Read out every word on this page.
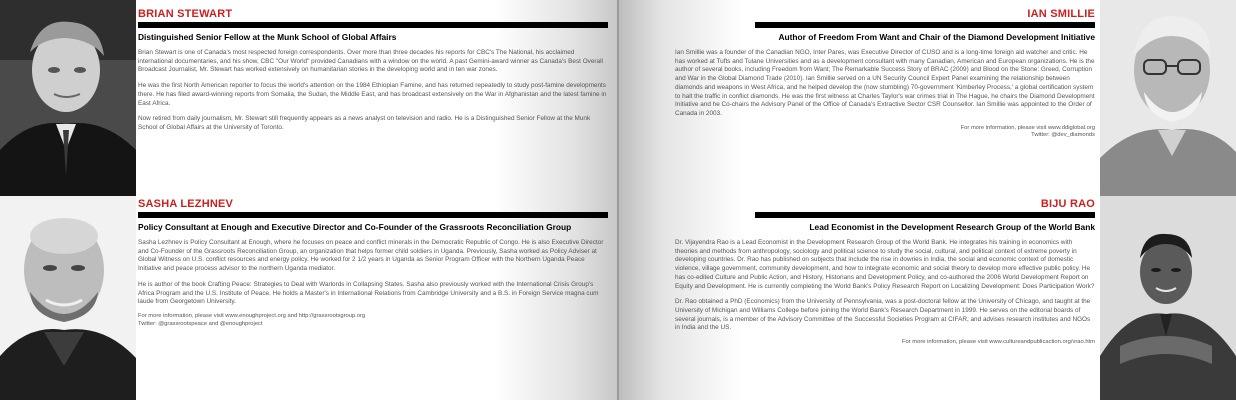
BRIAN STEWART

Distinguished Senior Fellow at the Munk School of Global Affairs

Brian Stewart is one of Canada's most respected foreign correspondents. Over more than three decades his reports for CBC's The National, his acclaimed international documentaries, and his show, CBC "Our World" provided Canadians with a window on the world. A past Gemini-award winner as Canada's Best Overall Broadcast Journalist, Mr. Stewart has worked extensively on humanitarian stories in the developing world and in ten war zones.

He was the first North American reporter to focus the world's attention on the 1984 Ethiopian Famine, and has returned repeatedly to study post-famine developments there. He has filed award-winning reports from Somalia, the Sudan, the Middle East, and has broadcast extensively on the War in Afghanistan and the latest famine in East Africa.

Now retired from daily journalism, Mr. Stewart still frequently appears as a news analyst on television and radio. He is a Distinguished Senior Fellow at the Munk School of Global Affairs at the University of Toronto.

SASHA LEZHNEV

Policy Consultant at Enough and Executive Director and Co-Founder of the Grassroots Reconciliation Group

Sasha Lezhnev is Policy Consultant at Enough, where he focuses on peace and conflict minerals in the Democratic Republic of Congo. He is also Executive Director and Co-Founder of the Grassroots Reconciliation Group, an organization that helps former child soldiers in Uganda. Previously, Sasha worked as Policy Adviser at Global Witness on U.S. conflict resources and energy policy. He worked for 2 1/2 years in Uganda as Senior Program Officer with the Northern Uganda Peace Initiative and peace process advisor to the northern Uganda mediator.

He is author of the book Crafting Peace: Strategies to Deal with Warlords in Collapsing States. Sasha also previously worked with the International Crisis Group's Africa Program and the U.S. Institute of Peace. He holds a Master's in International Relations from Cambridge University and a B.S. in Foreign Service magna cum laude from Georgetown University.

For more information, please visit www.enoughproject.org and http://grassrootsgroup.org
Twitter: @grassrootspeace and @enoughproject

IAN SMILLIE

Author of Freedom From Want and Chair of the Diamond Development Initiative

Ian Smillie was a founder of the Canadian NGO, Inter Pares, was Executive Director of CUSO and is a long-time foreign aid watcher and critic. He has worked at Tufts and Tulane Universities and as a development consultant with many Canadian, American and European organizations. He is the author of several books, including Freedom from Want; The Remarkable Success Story of BRAC (2009) and Blood on the Stone: Greed, Corruption and War in the Global Diamond Trade (2010). Ian Smillie served on a UN Security Council Expert Panel examining the relationship between diamonds and weapons in West Africa, and he helped develop the (now stumbling) 70-government 'Kimberley Process,' a global certification system to halt the traffic in conflict diamonds. He was the first witness at Charles Taylor's war crimes trial in The Hague, he chairs the Diamond Development Initiative and he Co-chairs the Advisory Panel of the Office of Canada's Extractive Sector CSR Counsellor. Ian Smillie was appointed to the Order of Canada in 2003.

For more information, please visit www.ddiglobal.org
Twitter: @dev_diamonds

BIJU RAO

Lead Economist in the Development Research Group of the World Bank

Dr. Vijayendra Rao is a Lead Economist in the Development Research Group of the World Bank. He integrates his training in economics with theories and methods from anthropology, sociology and political science to study the social, cultural, and political context of extreme poverty in developing countries. Dr. Rao has published on subjects that include the rise in dowries in India, the social and economic context of domestic violence, village government, community development, and how to integrate economic and social theory to develop more effective public policy. He has co-edited Culture and Public Action, and History, Historians and Development Policy, and co-authored the 2006 World Development Report on Equity and Development. He is currently completing the World Bank's Policy Research Report on Localizing Development: Does Participation Work?

Dr. Rao obtained a PhD (Economics) from the University of Pennsylvania, was a post-doctoral fellow at the University of Chicago, and taught at the University of Michigan and Williams College before joining the World Bank's Research Department in 1999. He serves on the editorial boards of several journals, is a member of the Advisory Committee of the Successful Societies Program at CIFAR, and advises research institutes and NGOs in India and the US.

For more information, please visit www.cultureandpublicaction.org/vrao.htm
